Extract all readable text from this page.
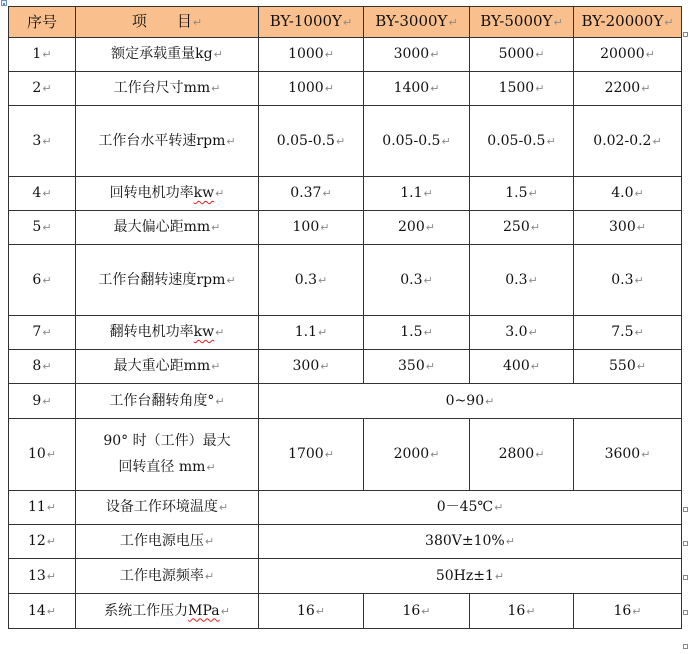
序号	项　　目↵	BY-1000Y↵	BY-3000Y↵	BY-5000Y↵	BY-20000Y↵
1↵	额定承载重量kg↵	1000↵	3000↵	5000↵	20000↵
2↵	工作台尺寸mm↵	1000↵	1400↵	1500↵	2200↵
3↵	工作台水平转速rpm↵	0.05-0.5↵	0.05-0.5↵	0.05-0.5↵	0.02-0.2↵
4↵	回转电机功率kw↵	0.37↵	1.1↵	1.5↵	4.0↵
5↵	最大偏心距mm↵	100↵	200↵	250↵	300↵
6↵	工作台翻转速度rpm↵	0.3↵	0.3↵	0.3↵	0.3↵
7↵	翻转电机功率kw↵	1.1↵	1.5↵	3.0↵	7.5↵
8↵	最大重心距mm↵	300↵	350↵	400↵	550↵
9↵	工作台翻转角度°↵	0~90↵			
10↵	90° 时（工件）最大
回转直径 mm↵	1700↵	2000↵	2800↵	3600↵
11↵	设备工作环境温度↵	0－45℃↵			
12↵	工作电源电压↵	380V±10%↵			
13↵	工作电源频率↵	50Hz±1↵			
14↵	系统工作压力MPa↵	16↵	16↵	16↵	16↵
